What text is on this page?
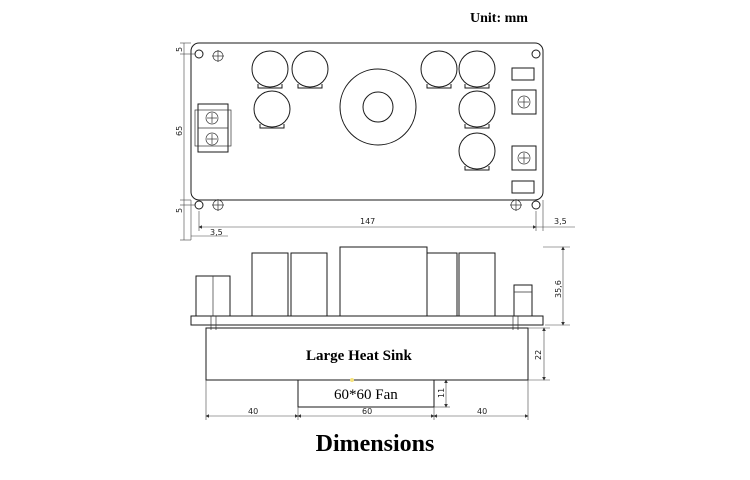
Unit: mm
5
65
5
147
3,5
3,5
Large Heat Sink
60*60 Fan
35,6
22
11
40	60	40
Dimensions
